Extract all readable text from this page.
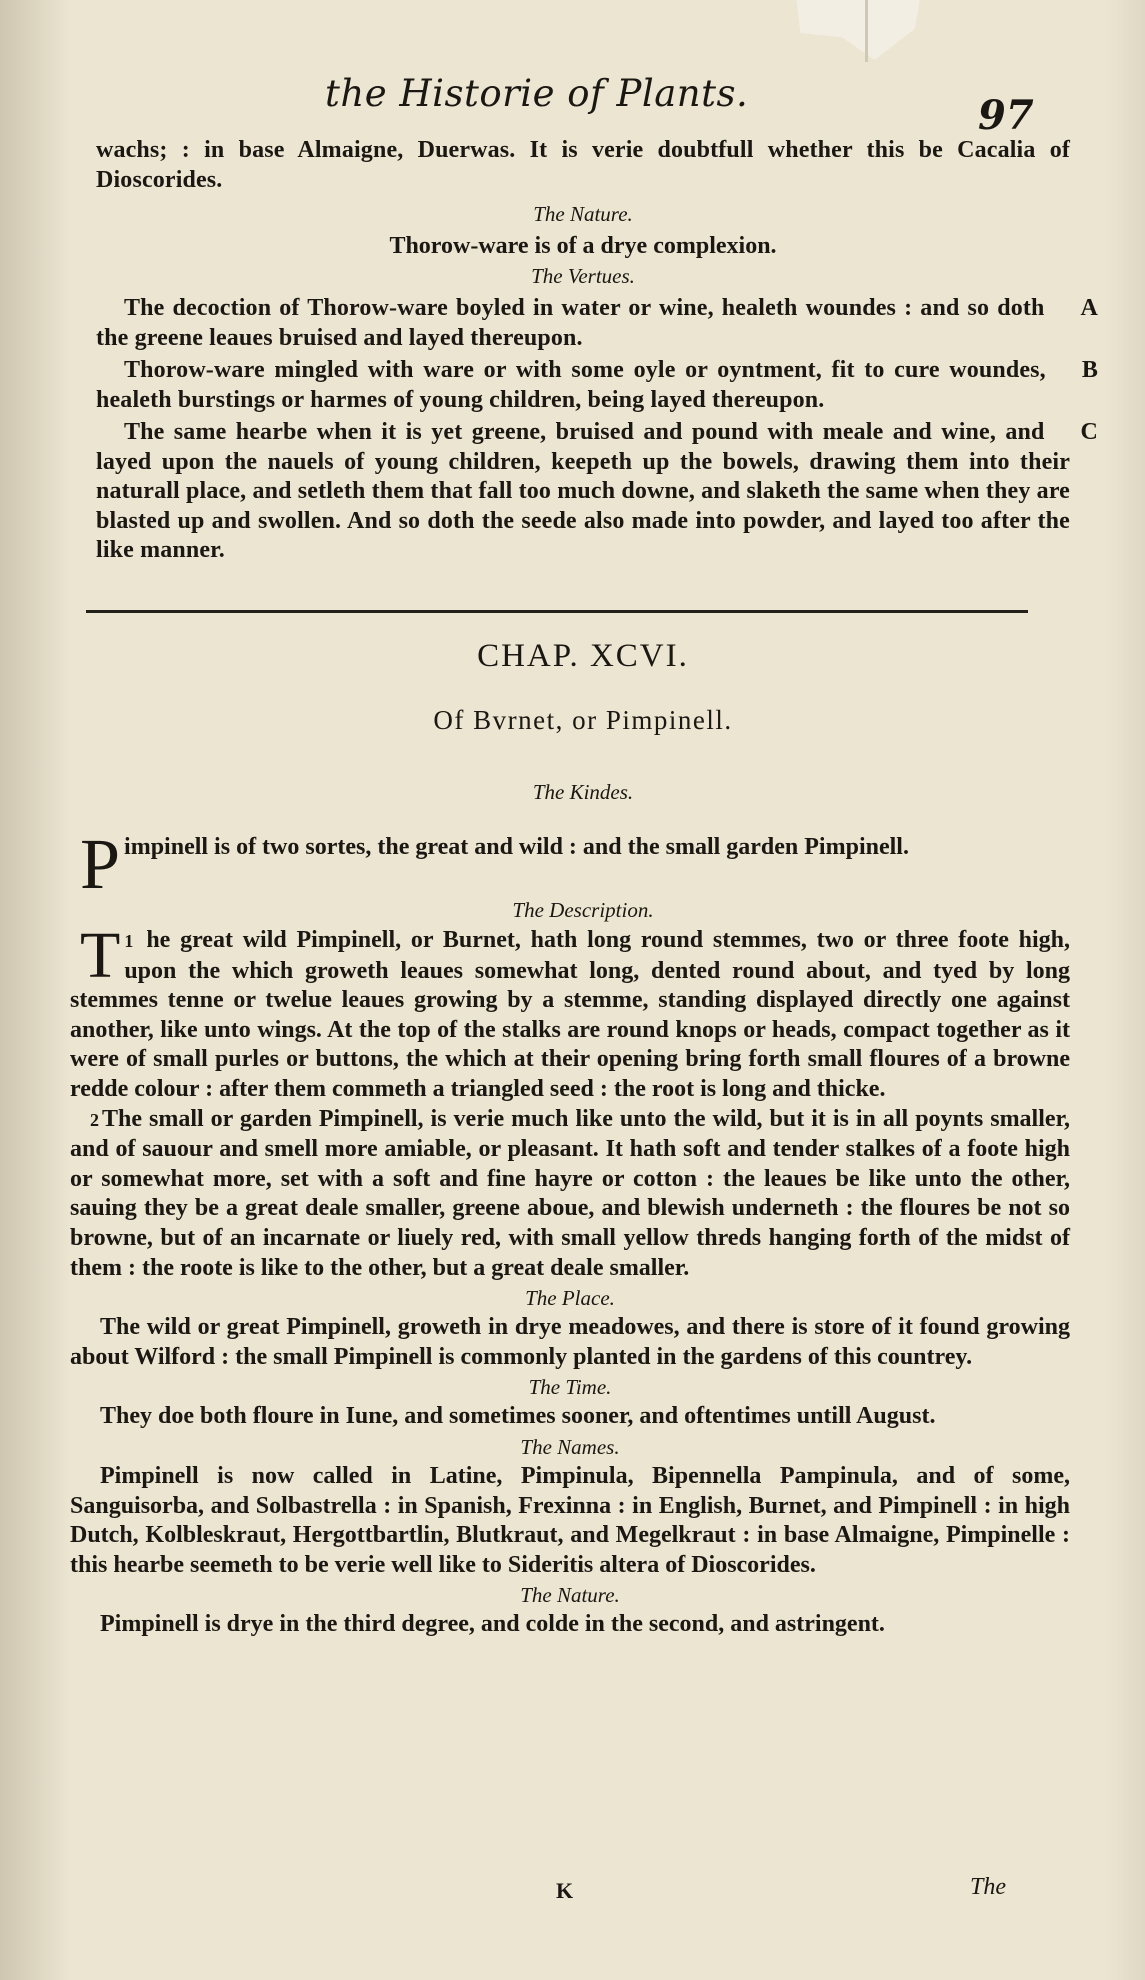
the Historie of Plants.	97
wachs; : in base Almaigne, Duerwas. It is verie doubtfull whether this be Cacalia of Dioscorides.
The Nature.
Thorow-ware is of a drye complexion.
The Vertues.
A
The decoction of Thorow-ware boyled in water or wine, healeth woundes : and so doth the greene leaues bruised and layed thereupon.
B
Thorow-ware mingled with ware or with some oyle or oyntment, fit to cure woundes, healeth burstings or harmes of young children, being layed thereupon.
C
The same hearbe when it is yet greene, bruised and pound with meale and wine, and layed upon the nauels of young children, keepeth up the bowels, drawing them into their naturall place, and setleth them that fall too much downe, and slaketh the same when they are blasted up and swollen. And so doth the seede also made into powder, and layed too after the like manner.
CHAP. XCVI.
Of Bvrnet, or Pimpinell.
The Kindes.
P impinell is of two sortes, the great and wild : and the small garden Pimpinell.
The Description.
1
T he great wild Pimpinell, or Burnet, hath long round stemmes, two or three foote high, upon the which groweth leaues somewhat long, dented round about, and tyed by long stemmes tenne or twelue leaues growing by a stemme, standing displayed directly one against another, like unto wings. At the top of the stalks are round knops or heads, compact together as it were of small purles or buttons, the which at their opening bring forth small floures of a browne redde colour : after them commeth a triangled seed : the root is long and thicke.
2 The small or garden Pimpinell, is verie much like unto the wild, but it is in all poynts smaller, and of sauour and smell more amiable, or pleasant. It hath soft and tender stalkes of a foote high or somewhat more, set with a soft and fine hayre or cotton : the leaues be like unto the other, sauing they be a great deale smaller, greene aboue, and blewish underneth : the floures be not so browne, but of an incarnate or liuely red, with small yellow threds hanging forth of the midst of them : the roote is like to the other, but a great deale smaller.
The Place.
The wild or great Pimpinell, groweth in drye meadowes, and there is store of it found growing about Wilford : the small Pimpinell is commonly planted in the gardens of this countrey.
The Time.
They doe both floure in Iune, and sometimes sooner, and oftentimes untill August.
The Names.
Pimpinell is now called in Latine, Pimpinula, Bipennella Pampinula, and of some, Sanguisorba, and Solbastrella : in Spanish, Frexinna : in English, Burnet, and Pimpinell : in high Dutch, Kolbleskraut, Hergottbartlin, Blutkraut, and Megelkraut : in base Almaigne, Pimpinelle : this hearbe seemeth to be verie well like to Sideritis altera of Dioscorides.
The Nature.
Pimpinell is drye in the third degree, and colde in the second, and astringent.
K	The
